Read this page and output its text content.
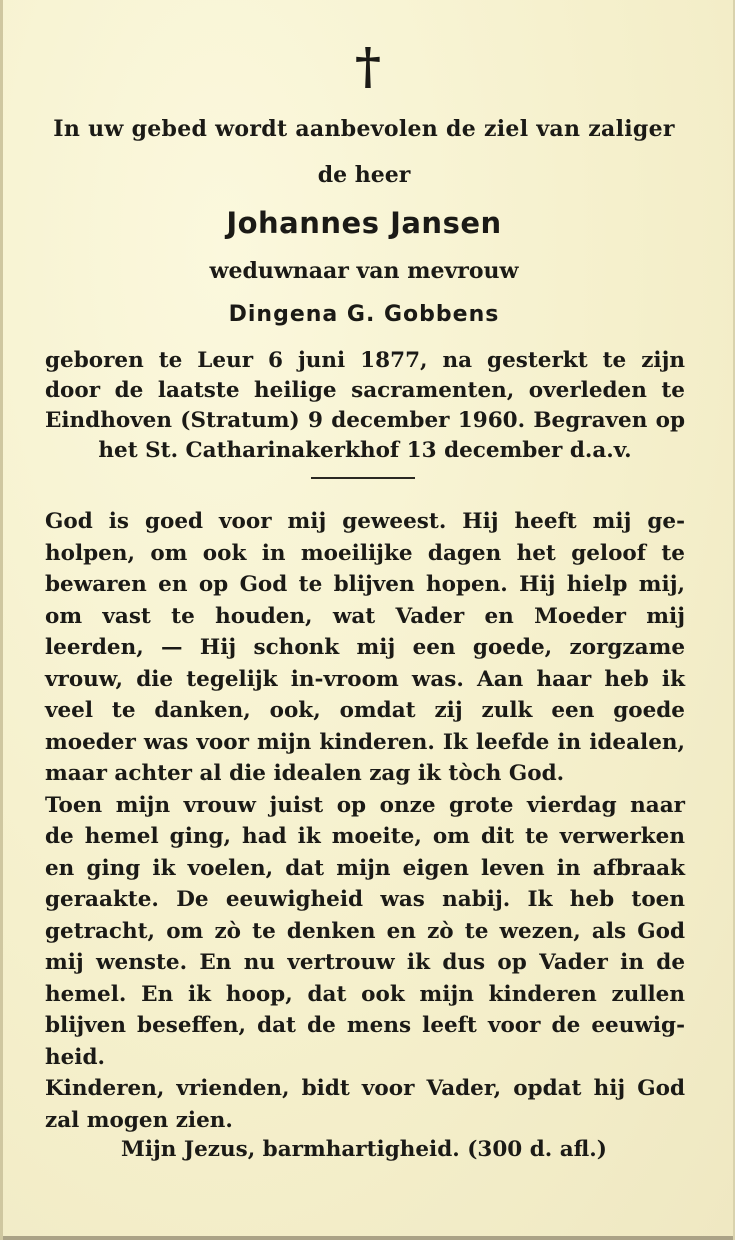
†
In uw gebed wordt aanbevolen de ziel van zaliger
de heer
Johannes Jansen
weduwnaar van mevrouw
Dingena G. Gobbens
geboren te Leur 6 juni 1877, na gesterkt te zijn
door de laatste heilige sacramenten, overleden te
Eindhoven (Stratum) 9 december 1960. Begraven op
het St. Catharinakerkhof 13 december d.a.v.
God is goed voor mij geweest. Hij heeft mij ge-
holpen, om ook in moeilijke dagen het geloof te
bewaren en op God te blijven hopen. Hij hielp mij,
om vast te houden, wat Vader en Moeder mij
leerden, — Hij schonk mij een goede, zorgzame
vrouw, die tegelijk in-vroom was. Aan haar heb ik
veel te danken, ook, omdat zij zulk een goede
moeder was voor mijn kinderen. Ik leefde in idealen,
maar achter al die idealen zag ik tòch God.
Toen mijn vrouw juist op onze grote vierdag naar
de hemel ging, had ik moeite, om dit te verwerken
en ging ik voelen, dat mijn eigen leven in afbraak
geraakte. De eeuwigheid was nabij. Ik heb toen
getracht, om zò te denken en zò te wezen, als God
mij wenste. En nu vertrouw ik dus op Vader in de
hemel. En ik hoop, dat ook mijn kinderen zullen
blijven beseffen, dat de mens leeft voor de eeuwig-
heid.
Kinderen, vrienden, bidt voor Vader, opdat hij God
zal mogen zien.
Mijn Jezus, barmhartigheid. (300 d. afl.)
